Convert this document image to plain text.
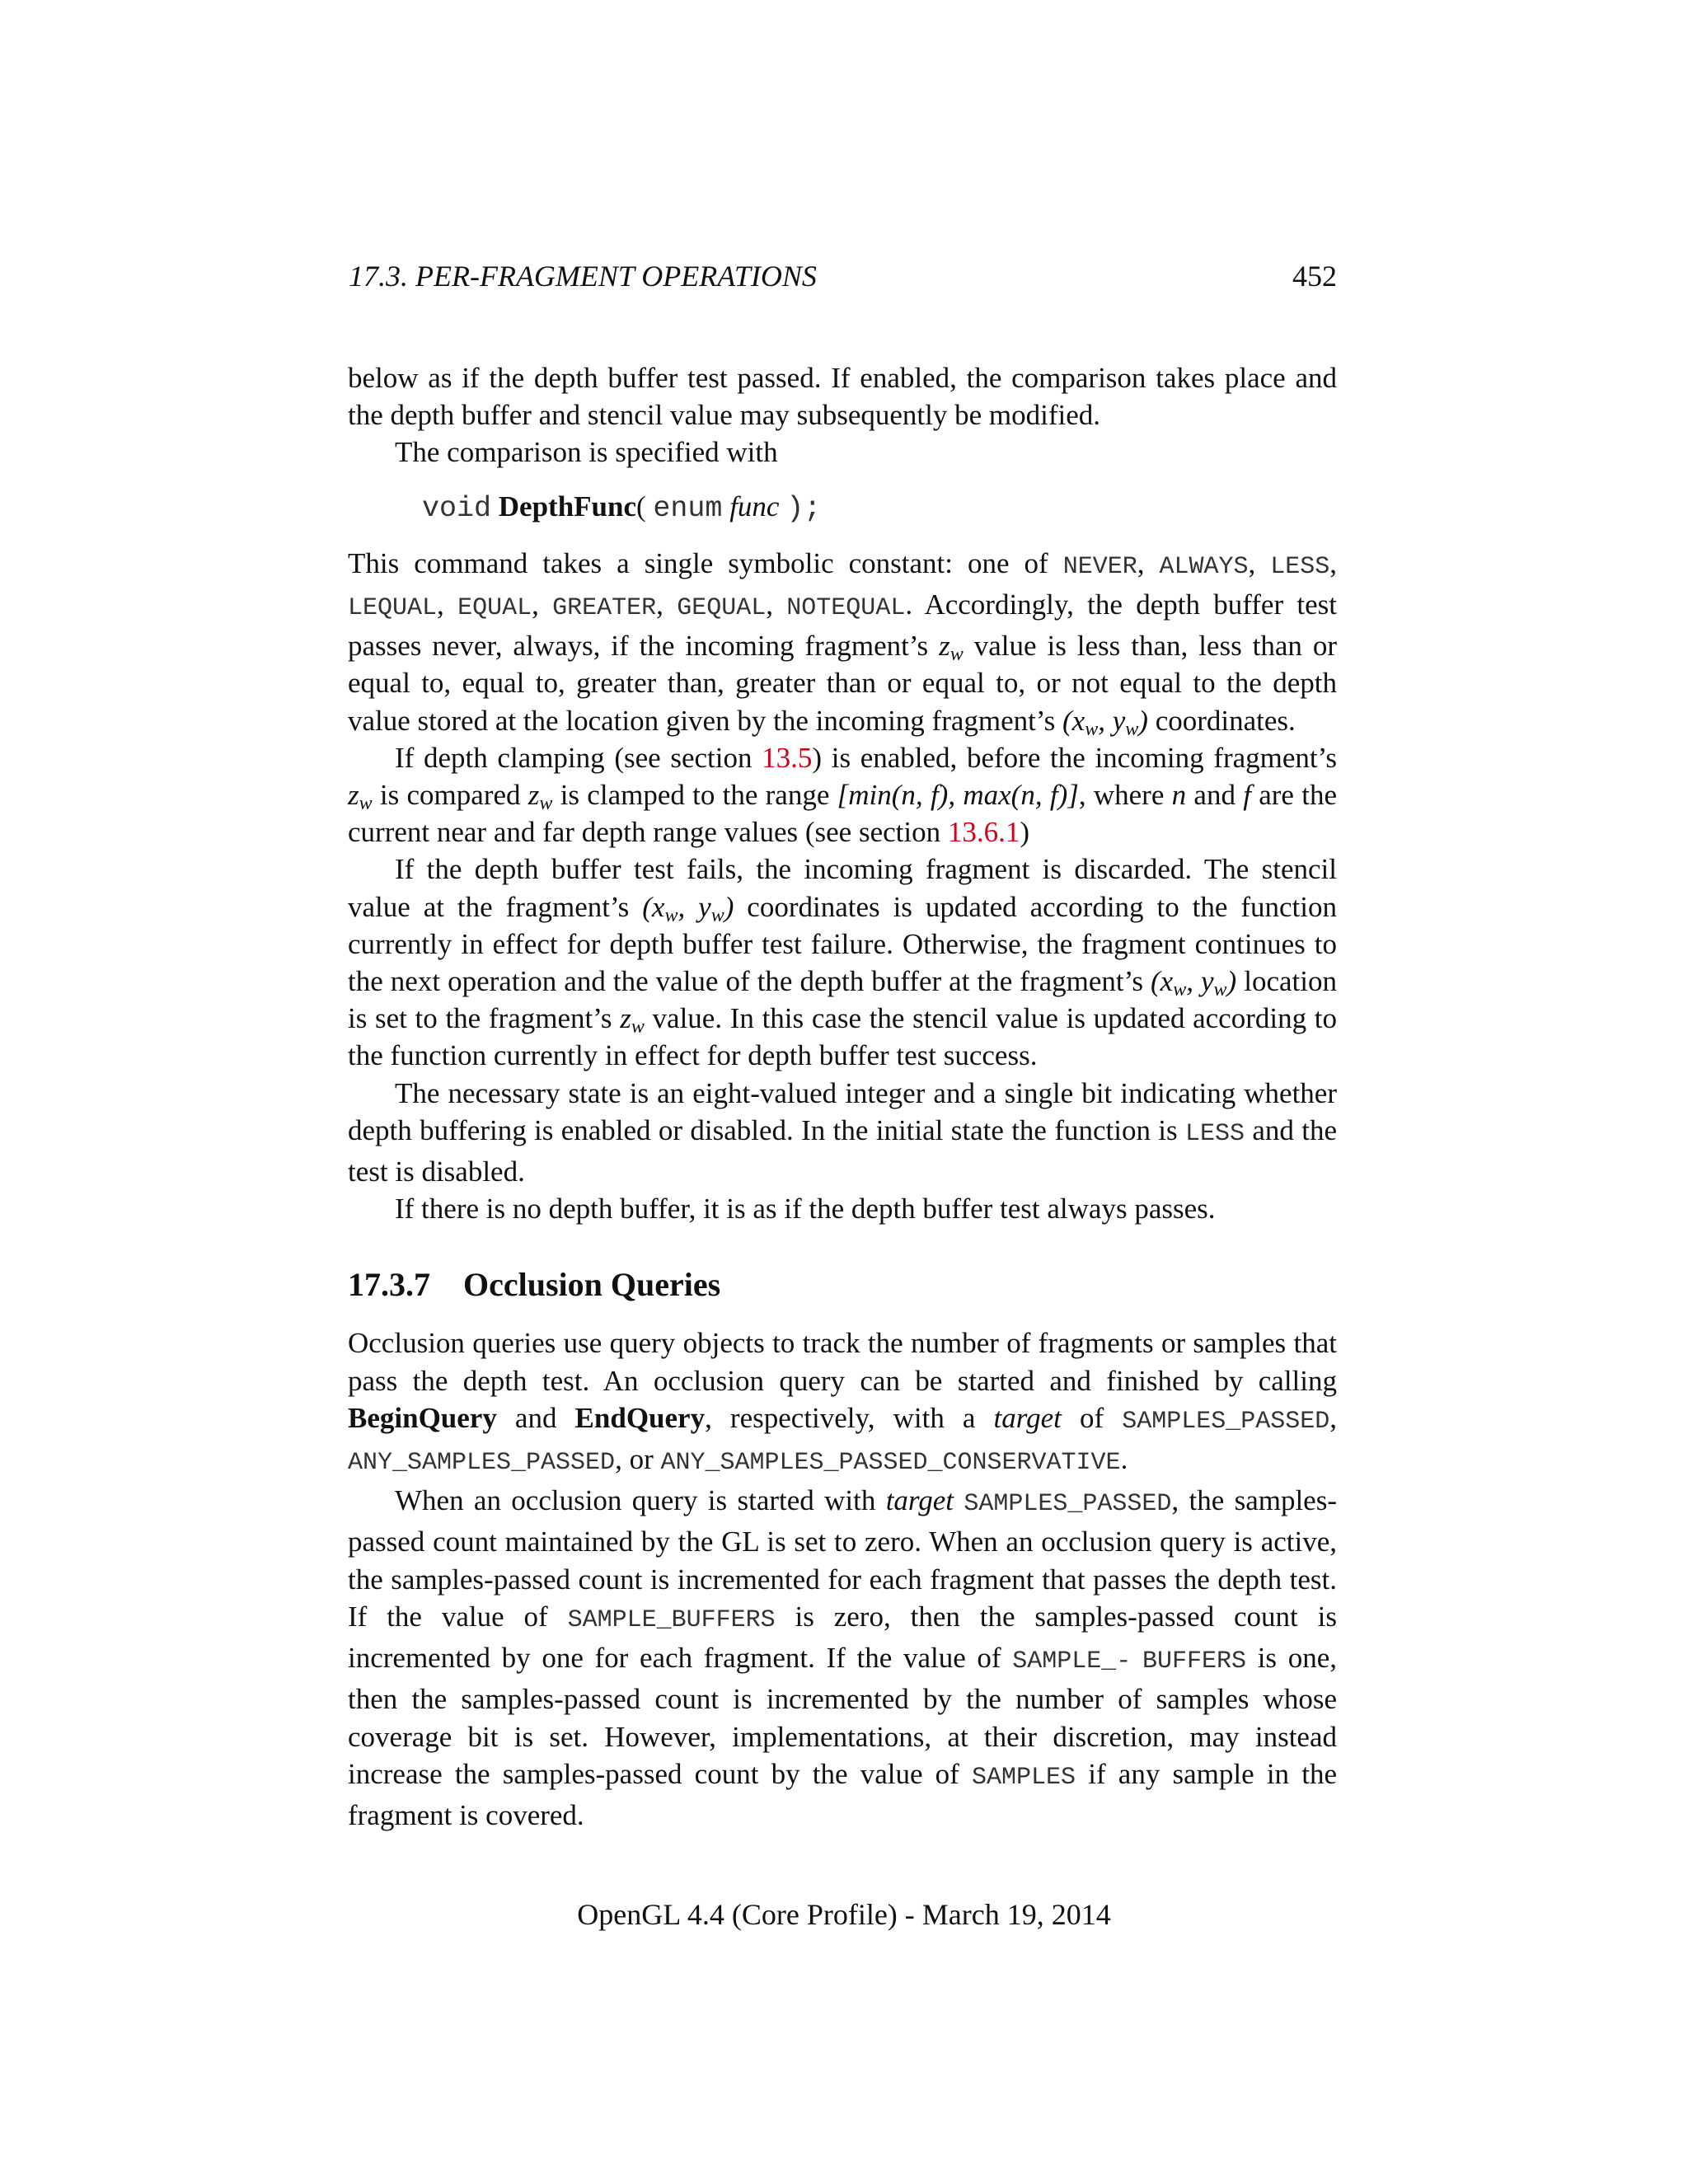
17.3. PER-FRAGMENT OPERATIONS	452

below as if the depth buffer test passed. If enabled, the comparison takes place and the depth buffer and stencil value may subsequently be modified.

The comparison is specified with

void DepthFunc( enum func );

This command takes a single symbolic constant: one of NEVER, ALWAYS, LESS, LEQUAL, EQUAL, GREATER, GEQUAL, NOTEQUAL. Accordingly, the depth buffer test passes never, always, if the incoming fragment’s $z_w$ value is less than, less than or equal to, equal to, greater than, greater than or equal to, or not equal to the depth value stored at the location given by the incoming fragment’s ($x_w$, $y_w$) coordinates.

If depth clamping (see section 13.5) is enabled, before the incoming fragment’s $z_w$ is compared $z_w$ is clamped to the range [min(n, f), max(n, f)], where n and f are the current near and far depth range values (see section 13.6.1)

If the depth buffer test fails, the incoming fragment is discarded. The stencil value at the fragment’s ($x_w$, $y_w$) coordinates is updated according to the function currently in effect for depth buffer test failure. Otherwise, the fragment continues to the next operation and the value of the depth buffer at the fragment’s ($x_w$, $y_w$) location is set to the fragment’s $z_w$ value. In this case the stencil value is updated according to the function currently in effect for depth buffer test success.

The necessary state is an eight-valued integer and a single bit indicating whether depth buffering is enabled or disabled. In the initial state the function is LESS and the test is disabled.

If there is no depth buffer, it is as if the depth buffer test always passes.

17.3.7 Occlusion Queries

Occlusion queries use query objects to track the number of fragments or samples that pass the depth test. An occlusion query can be started and finished by calling BeginQuery and EndQuery, respectively, with a target of SAMPLES_PASSED, ANY_SAMPLES_PASSED, or ANY_SAMPLES_PASSED_CONSERVATIVE.

When an occlusion query is started with target SAMPLES_PASSED, the samples-passed count maintained by the GL is set to zero. When an occlusion query is active, the samples-passed count is incremented for each fragment that passes the depth test. If the value of SAMPLE_BUFFERS is zero, then the samples-passed count is incremented by one for each fragment. If the value of SAMPLE_- BUFFERS is one, then the samples-passed count is incremented by the number of samples whose coverage bit is set. However, implementations, at their discretion, may instead increase the samples-passed count by the value of SAMPLES if any sample in the fragment is covered.

OpenGL 4.4 (Core Profile) - March 19, 2014
